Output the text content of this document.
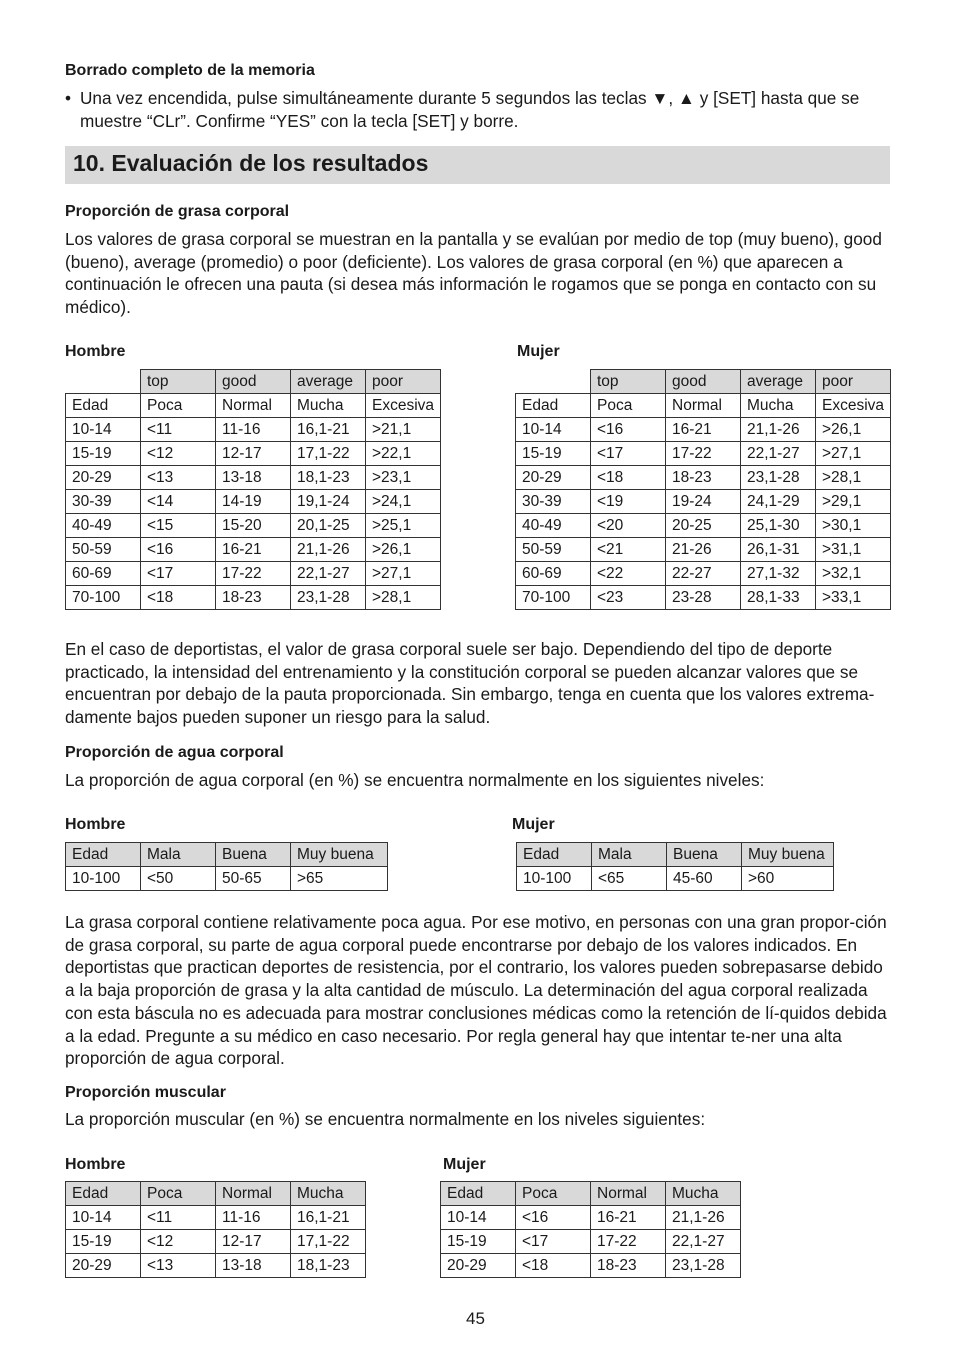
Borrado completo de la memoria
• Una vez encendida, pulse simultáneamente durante 5 segundos las teclas ▼, ▲ y [SET] hasta que se muestre “CLr”. Confirme “YES” con la tecla [SET] y borre.
10. Evaluación de los resultados
Proporción de grasa corporal
Los valores de grasa corporal se muestran en la pantalla y se evalúan por medio de top (muy bueno), good (bueno), average (promedio) o poor (deficiente). Los valores de grasa corporal (en %) que aparecen a continuación le ofrecen una pauta (si desea más información le rogamos que se ponga en contacto con su médico).
Hombre	Mujer
	top	good	average	poor
Edad	Poca	Normal	Mucha	Excesiva
10-14	<11	11-16	16,1-21	>21,1
15-19	<12	12-17	17,1-22	>22,1
20-29	<13	13-18	18,1-23	>23,1
30-39	<14	14-19	19,1-24	>24,1
40-49	<15	15-20	20,1-25	>25,1
50-59	<16	16-21	21,1-26	>26,1
60-69	<17	17-22	22,1-27	>27,1
70-100	<18	18-23	23,1-28	>28,1
	top	good	average	poor
Edad	Poca	Normal	Mucha	Excesiva
10-14	<16	16-21	21,1-26	>26,1
15-19	<17	17-22	22,1-27	>27,1
20-29	<18	18-23	23,1-28	>28,1
30-39	<19	19-24	24,1-29	>29,1
40-49	<20	20-25	25,1-30	>30,1
50-59	<21	21-26	26,1-31	>31,1
60-69	<22	22-27	27,1-32	>32,1
70-100	<23	23-28	28,1-33	>33,1
En el caso de deportistas, el valor de grasa corporal suele ser bajo. Dependiendo del tipo de deporte practicado, la intensidad del entrenamiento y la constitución corporal se pueden alcanzar valores que se encuentran por debajo de la pauta proporcionada. Sin embargo, tenga en cuenta que los valores extrema-damente bajos pueden suponer un riesgo para la salud.
Proporción de agua corporal
La proporción de agua corporal (en %) se encuentra normalmente en los siguientes niveles:
Hombre	Mujer
Edad	Mala	Buena	Muy buena
10-100	<50	50-65	>65
Edad	Mala	Buena	Muy buena
10-100	<65	45-60	>60
La grasa corporal contiene relativamente poca agua. Por ese motivo, en personas con una gran propor-ción de grasa corporal, su parte de agua corporal puede encontrarse por debajo de los valores indicados. En deportistas que practican deportes de resistencia, por el contrario, los valores pueden sobrepasarse debido a la baja proporción de grasa y la alta cantidad de músculo. La determinación del agua corporal realizada con esta báscula no es adecuada para mostrar conclusiones médicas como la retención de lí-quidos debida a la edad. Pregunte a su médico en caso necesario. Por regla general hay que intentar te-ner una alta proporción de agua corporal.
Proporción muscular
La proporción muscular (en %) se encuentra normalmente en los niveles siguientes:
Hombre	Mujer
Edad	Poca	Normal	Mucha
10-14	<11	11-16	16,1-21
15-19	<12	12-17	17,1-22
20-29	<13	13-18	18,1-23
Edad	Poca	Normal	Mucha
10-14	<16	16-21	21,1-26
15-19	<17	17-22	22,1-27
20-29	<18	18-23	23,1-28
45
